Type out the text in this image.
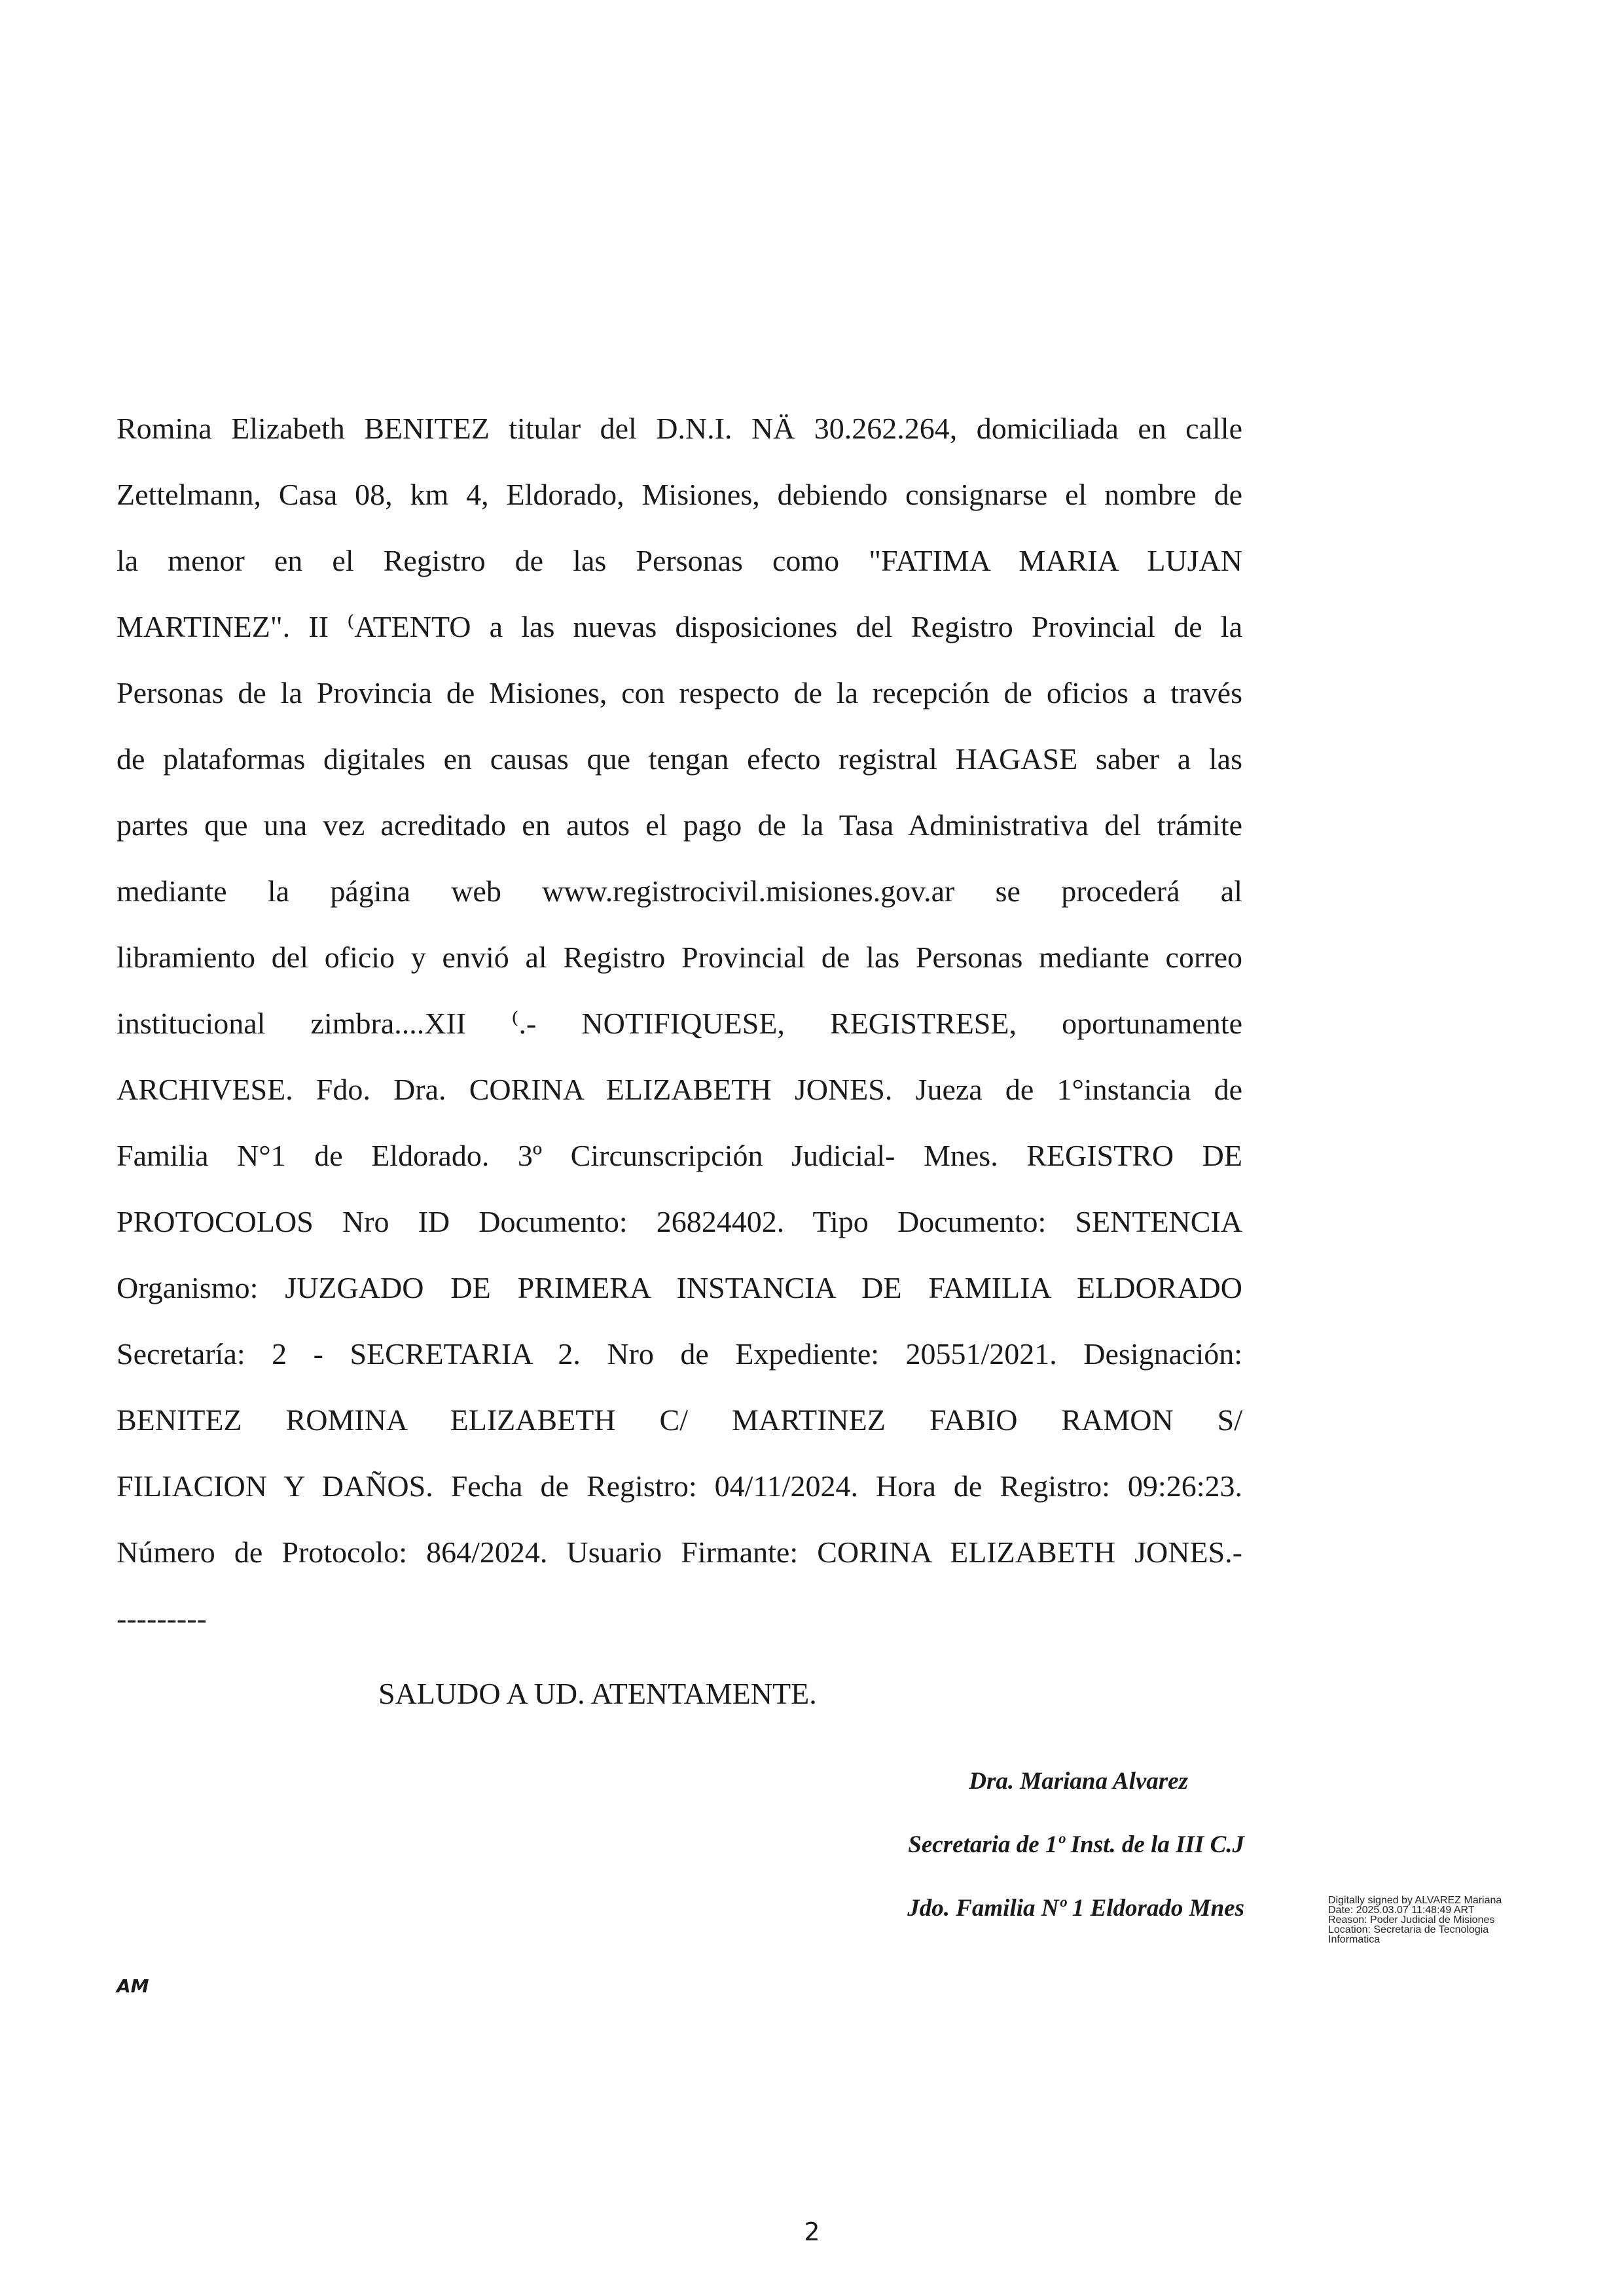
Romina Elizabeth BENITEZ titular del D.N.I. NÄ 30.262.264, domiciliada en calle
Zettelmann, Casa 08, km 4, Eldorado, Misiones, debiendo consignarse el nombre de
la menor en el Registro de las Personas como "FATIMA MARIA LUJAN
MARTINEZ". II ⁽ATENTO a las nuevas disposiciones del Registro Provincial de la
Personas de la Provincia de Misiones, con respecto de la recepción de oficios a través
de plataformas digitales en causas que tengan efecto registral HAGASE saber a las
partes que una vez acreditado en autos el pago de la Tasa Administrativa del trámite
mediante la página web www.registrocivil.misiones.gov.ar se procederá al
libramiento del oficio y envió al Registro Provincial de las Personas mediante correo
institucional zimbra....XII ⁽.- NOTIFIQUESE, REGISTRESE, oportunamente
ARCHIVESE. Fdo. Dra. CORINA ELIZABETH JONES. Jueza de 1°instancia de
Familia N°1 de Eldorado. 3º Circunscripción Judicial- Mnes. REGISTRO DE
PROTOCOLOS Nro ID Documento: 26824402. Tipo Documento: SENTENCIA
Organismo: JUZGADO DE PRIMERA INSTANCIA DE FAMILIA ELDORADO
Secretaría: 2 - SECRETARIA 2. Nro de Expediente: 20551/2021. Designación:
BENITEZ ROMINA ELIZABETH C/ MARTINEZ FABIO RAMON S/
FILIACION Y DAÑOS. Fecha de Registro: 04/11/2024. Hora de Registro: 09:26:23.
Número de Protocolo: 864/2024. Usuario Firmante: CORINA ELIZABETH JONES.-
---------
SALUDO A UD. ATENTAMENTE.
Dra. Mariana Alvarez
Secretaria de 1º Inst. de la III C.J
Jdo. Familia Nº 1 Eldorado Mnes	Digitally signed by ALVAREZ Mariana
Date: 2025.03.07 11:48:49 ART
Reason: Poder Judicial de Misiones
Location: Secretaria de Tecnologia
Informatica
AM
2
